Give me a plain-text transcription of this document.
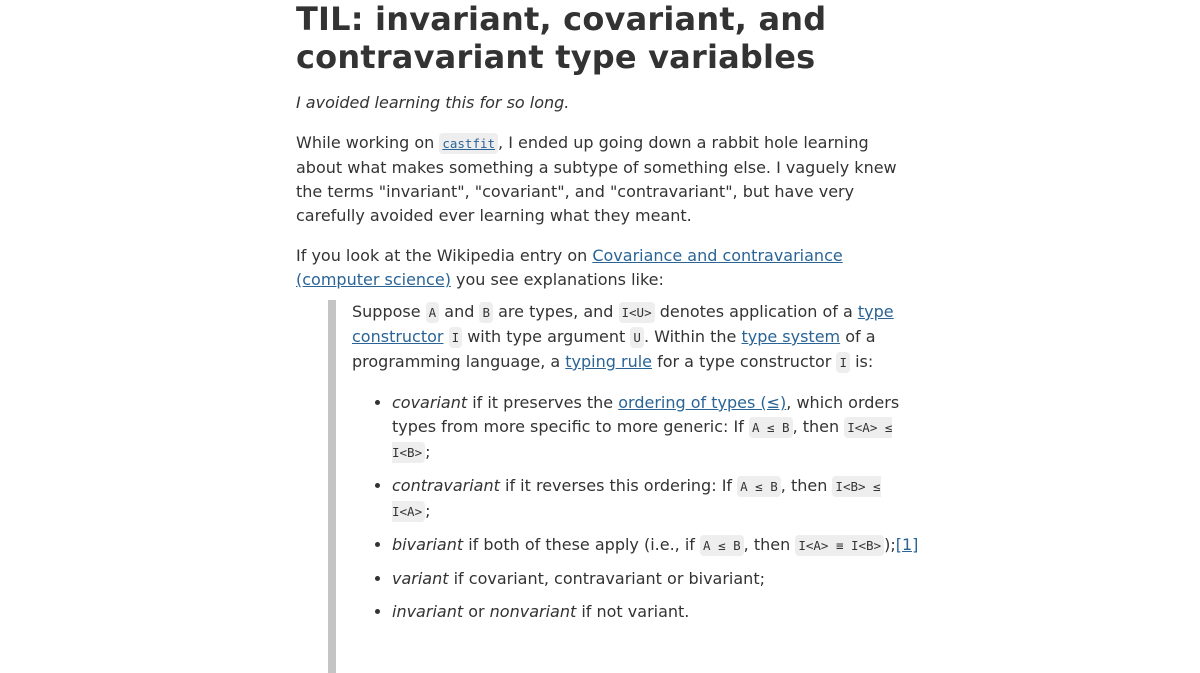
TIL: invariant, covariant, and contravariant type variables

I avoided learning this for so long.

While working on castfit , I ended up going down a rabbit hole learning about what makes something a subtype of something else. I vaguely knew the terms "invariant", "covariant", and "contravariant", but have very carefully avoided ever learning what they meant.

If you look at the Wikipedia entry on Covariance and contravariance (computer science) you see explanations like:

Suppose A and B are types, and I<U> denotes application of a type constructor I with type argument U . Within the type system of a programming language, a typing rule for a type constructor I is:

• covariant if it preserves the ordering of types (≤), which orders types from more specific to more generic: If A ≤ B , then I<A> ≤ I<B> ;
• contravariant if it reverses this ordering: If A ≤ B , then I<B> ≤ I<A> ;
• bivariant if both of these apply (i.e., if A ≤ B , then I<A> ≡ I<B> );[1]
• variant if covariant, contravariant or bivariant;
• invariant or nonvariant if not variant.
